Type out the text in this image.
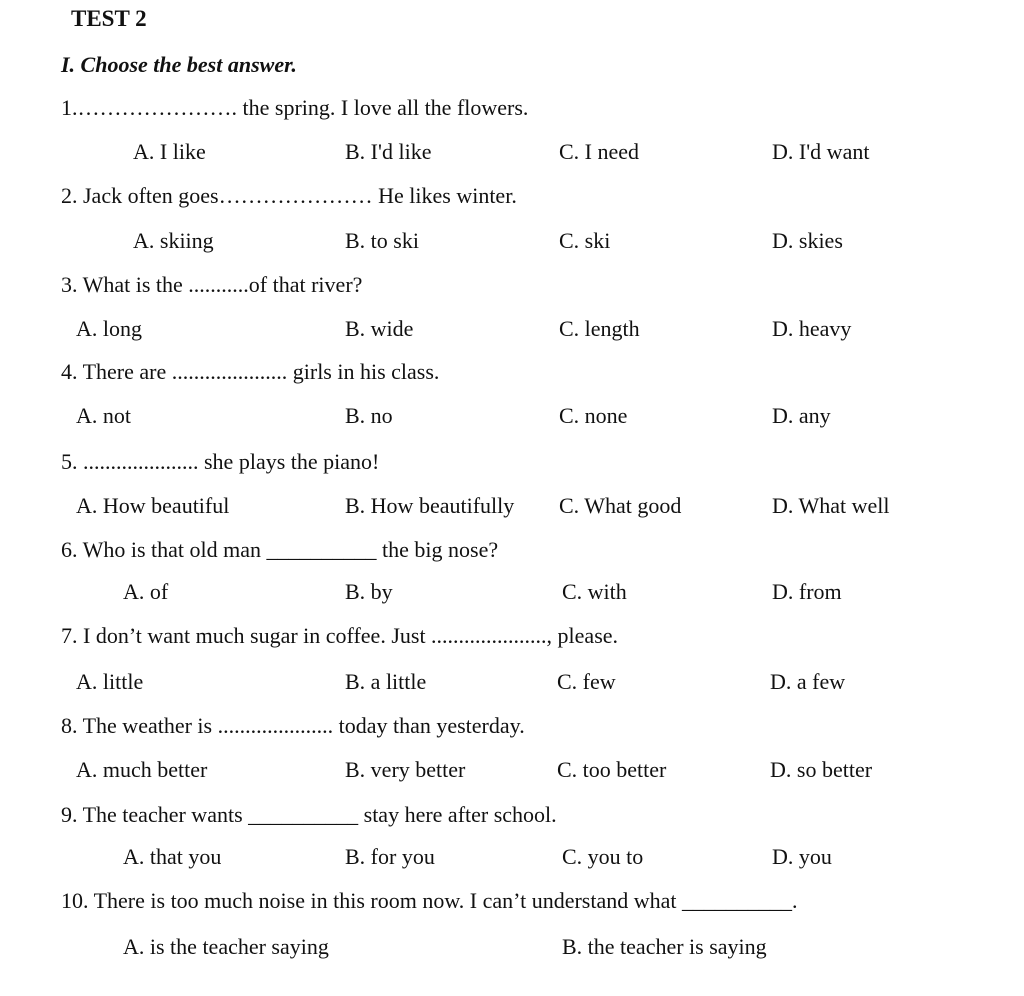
TEST 2
I. Choose the best answer.
1.…………………. the spring. I love all the flowers.
A. I like	B. I'd like	C. I need	D. I'd want
2. Jack often goes………………… He likes winter.
A. skiing	B. to ski	C. ski	D. skies
3. What is the ...........of that river?
A. long	B. wide	C. length	D. heavy
4. There are ..................... girls in his class.
A. not	B. no	C. none	D. any
5. ..................... she plays the piano!
A. How beautiful	B. How beautifully C. What good	D. What well
6. Who is that old man __________ the big nose?
A. of	B. by	C. with	D. from
7. I don’t want much sugar in coffee. Just ....................., please.
A. little	B. a little	C. few	D. a few
8. The weather is ..................... today than yesterday.
A. much better	B. very better	C. too better	D. so better
9. The teacher wants __________ stay here after school.
A. that you	B. for you	C. you to	D. you
10. There is too much noise in this room now. I can’t understand what __________.
A. is the teacher saying	B. the teacher is saying
